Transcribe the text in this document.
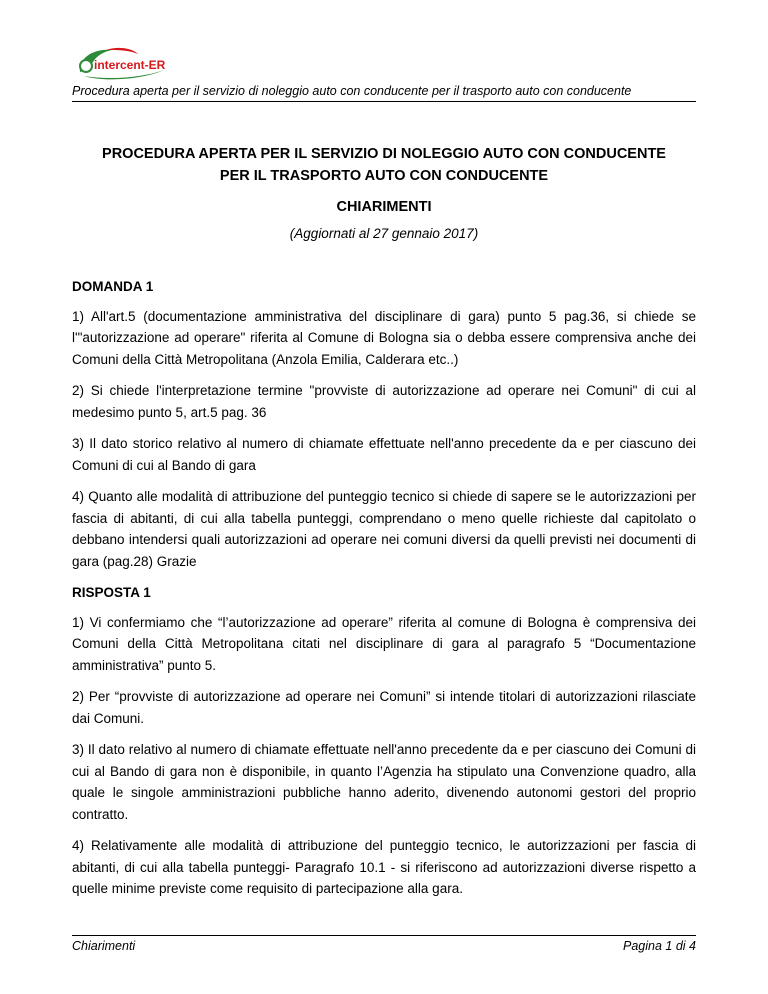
intercent-ER
Procedura aperta per il servizio di noleggio auto con conducente per il trasporto auto con conducente
PROCEDURA APERTA PER IL SERVIZIO DI NOLEGGIO AUTO CON CONDUCENTE
PER IL TRASPORTO AUTO CON CONDUCENTE
CHIARIMENTI
(Aggiornati al 27 gennaio 2017)
DOMANDA 1

1) All'art.5 (documentazione amministrativa del disciplinare di gara) punto 5 pag.36, si chiede se l'"autorizzazione ad operare" riferita al Comune di Bologna sia o debba essere comprensiva anche dei Comuni della Città Metropolitana (Anzola Emilia, Calderara etc..)

2) Si chiede l'interpretazione termine "provviste di autorizzazione ad operare nei Comuni" di cui al medesimo punto 5, art.5 pag. 36

3) Il dato storico relativo al numero di chiamate effettuate nell'anno precedente da e per ciascuno dei Comuni di cui al Bando di gara

4) Quanto alle modalità di attribuzione del punteggio tecnico si chiede di sapere se le autorizzazioni per fascia di abitanti, di cui alla tabella punteggi, comprendano o meno quelle richieste dal capitolato o debbano intendersi quali autorizzazioni ad operare nei comuni diversi da quelli previsti nei documenti di gara (pag.28) Grazie

RISPOSTA 1

1) Vi confermiamo che “l’autorizzazione ad operare” riferita al comune di Bologna è comprensiva dei Comuni della Città Metropolitana citati nel disciplinare di gara al paragrafo 5 “Documentazione amministrativa” punto 5.

2) Per “provviste di autorizzazione ad operare nei Comuni” si intende titolari di autorizzazioni rilasciate dai Comuni.

3) Il dato relativo al numero di chiamate effettuate nell'anno precedente da e per ciascuno dei Comuni di cui al Bando di gara non è disponibile, in quanto l’Agenzia ha stipulato una Convenzione quadro, alla quale le singole amministrazioni pubbliche hanno aderito, divenendo autonomi gestori del proprio contratto.

4) Relativamente alle modalità di attribuzione del punteggio tecnico, le autorizzazioni per fascia di abitanti, di cui alla tabella punteggi- Paragrafo 10.1 - si riferiscono ad autorizzazioni diverse rispetto a quelle minime previste come requisito di partecipazione alla gara.

Chiarimenti	Pagina 1 di 4
